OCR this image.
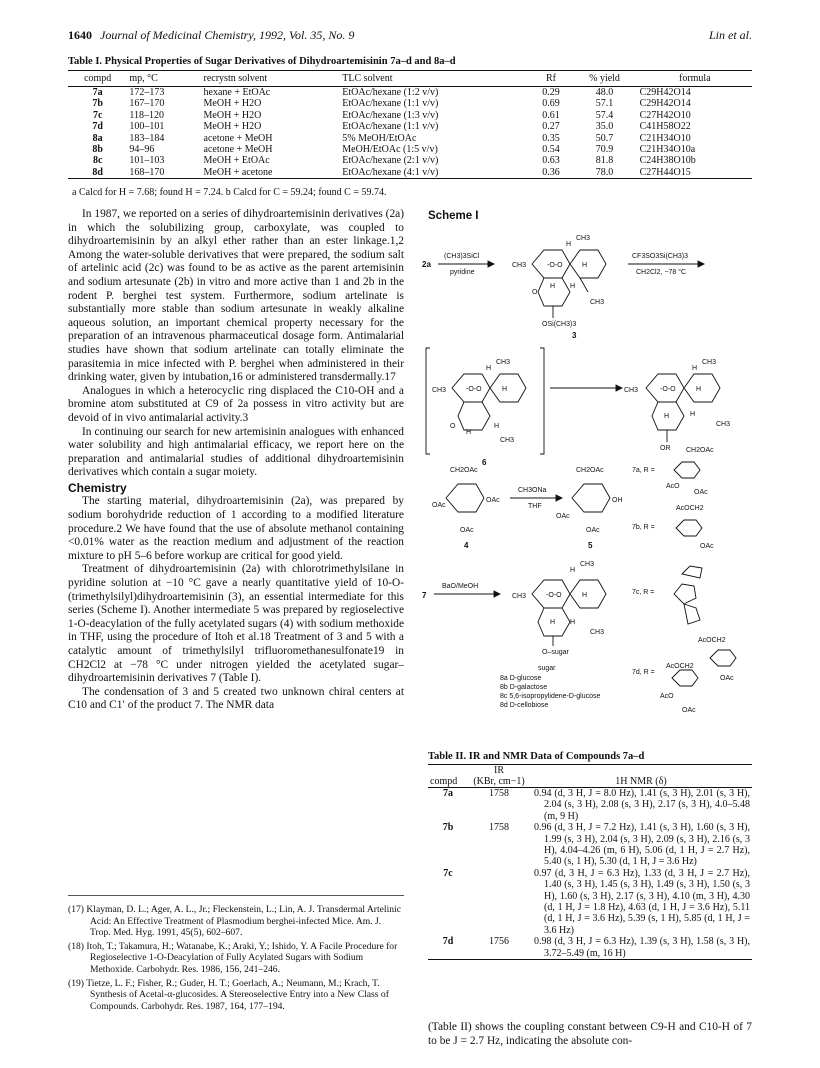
1640 Journal of Medicinal Chemistry, 1992, Vol. 35, No. 9	Lin et al.
Table I. Physical Properties of Sugar Derivatives of Dihydroartemisinin 7a–d and 8a–d
compd	mp, °C	recrystn solvent	TLC solvent	Rf	% yield	formula
7a	172–173	hexane + EtOAc	EtOAc/hexane (1:2 v/v)	0.29	48.0	C29H42O14
7b	167–170	MeOH + H2O	EtOAc/hexane (1:1 v/v)	0.69	57.1	C29H42O14
7c	118–120	MeOH + H2O	EtOAc/hexane (1:3 v/v)	0.61	57.4	C27H42O10
7d	100–101	MeOH + H2O	EtOAc/hexane (1:1 v/v)	0.27	35.0	C41H58O22
8a	183–184	acetone + MeOH	5% MeOH/EtOAc	0.35	50.7	C21H34O10
8b	94–96	acetone + MeOH	MeOH/EtOAc (1:5 v/v)	0.54	70.9	C21H34O10a
8c	101–103	MeOH + EtOAc	EtOAc/hexane (2:1 v/v)	0.63	81.8	C24H38O10b
8d	168–170	MeOH + acetone	EtOAc/hexane (4:1 v/v)	0.36	78.0	C27H44O15
a Calcd for H = 7.68; found H = 7.24. b Calcd for C = 59.24; found C = 59.74.

In 1987, we reported on a series of dihydroartemisinin derivatives (2a) in which the solubilizing group, carboxylate, was coupled to dihydroartemisinin by an alkyl ether rather than an ester linkage.1,2 Among the water-soluble derivatives that were prepared, the sodium salt of artelinic acid (2c) was found to be as active as the parent artemisinin and sodium artesunate (2b) in vitro and more active than 1 and 2b in the rodent P. berghei test system. Furthermore, sodium artelinate is substantially more stable than sodium artesunate in weakly alkaline aqueous solution, an important chemical property necessary for the preparation of an intravenous pharmaceutical dosage form. Antimalarial studies have shown that sodium artelinate can totally eliminate the parasitemia in mice infected with P. berghei when administered in their drinking water, given by intubation,16 or administered transdermally.17

Analogues in which a heterocyclic ring displaced the C10-OH and a bromine atom substituted at C9 of 2a possess in vitro activity but are devoid of in vivo antimalarial activity.3

In continuing our search for new artemisinin analogues with enhanced water solubility and high antimalarial efficacy, we report here on the preparation and antimalarial studies of additional dihydroartemisinin derivatives which contain a sugar moiety.

Chemistry

The starting material, dihydroartemisinin (2a), was prepared by sodium borohydride reduction of 1 according to a modified literature procedure.2 We have found that the use of absolute methanol containing <0.01% water as the reaction medium and adjustment of the reaction mixture to pH 5–6 before workup are critical for good yield.

Treatment of dihydroartemisinin (2a) with chlorotrimethylsilane in pyridine solution at −10 °C gave a nearly quantitative yield of 10-O-(trimethylsilyl)dihydroartemisinin (3), an essential intermediate for this series (Scheme I). Another intermediate 5 was prepared by regioselective 1-O-deacylation of the fully acetylated sugars (4) with sodium methoxide in THF, using the procedure of Itoh et al.18 Treatment of 3 and 5 with a catalytic amount of trimethylsilyl trifluoromethanesulfonate19 in CH2Cl2 at −78 °C under nitrogen yielded the acetylated sugar–dihydroartemisinin derivatives 7 (Table I).

The condensation of 3 and 5 created two unknown chiral centers at C10 and C1′ of the product 7. The NMR data

(17) Klayman, D. L.; Ager, A. L., Jr.; Fleckenstein, L.; Lin, A. J. Transdermal Artelinic Acid: An Effective Treatment of Plasmodium berghei-infected Mice. Am. J. Trop. Med. Hyg. 1991, 45(5), 602–607.
(18) Itoh, T.; Takamura, H.; Watanabe, K.; Araki, Y.; Ishido, Y. A Facile Procedure for Regioselective 1-O-Deacylation of Fully Acylated Sugars with Sodium Methoxide. Carbohydr. Res. 1986, 156, 241–246.
(19) Tietze, L. F.; Fisher, R.; Guder, H. T.; Goerlach, A.; Neumann, M.; Krach, T. Synthesis of Acetal-α-glucosides. A Stereoselective Entry into a New Class of Compounds. Carbohydr. Res. 1987, 164, 177–194.
Scheme I
2a
(CH3)3SiCl
pyridine
-O-O	H
CH3
CH3
H
O
H H
CH3
OSi(CH3)3
3
CF3SO3Si(CH3)3
CH2Cl2, −78 °C
CH3	-O-O	H
CH3
H
H
H
CH3
O
6
CH3	-O-O	H
CH3
H
H	H
CH3
OR
CH2OAc
OAc
OAc
OAc
4
CH3ONa
THF
CH2OAc
OAc
OH
OAc
5
7a, R =
CH2OAc
AcO
OAc
7b, R =
AcOCH2
OAc
7
BaO/MeOH
CH3	-O-O	H
CH3
H
H H
CH3
O–sugar
sugar
8a D-glucose
8b D-galactose
8c 5,6-isopropylidene-D-glucose
8d D-cellobiose
7c, R =
7d, R =
AcOCH2
AcOCH2
OAc
AcO
OAc
Table II. IR and NMR Data of Compounds 7a–d
	IR	
compd	(KBr, cm−1)	1H NMR (δ)
7a	1758	0.94 (d, 3 H, J = 8.0 Hz), 1.41 (s, 3 H), 2.01 (s, 3 H), 2.04 (s, 3 H), 2.08 (s, 3 H), 2.17 (s, 3 H), 4.0–5.48 (m, 9 H)
7b	1758	0.96 (d, 3 H, J = 7.2 Hz), 1.41 (s, 3 H), 1.60 (s, 3 H), 1.99 (s, 3 H), 2.04 (s, 3 H), 2.09 (s, 3 H), 2.16 (s, 3 H), 4.04–4.26 (m, 6 H), 5.06 (d, 1 H, J = 2.7 Hz), 5.40 (s, 1 H), 5.30 (d, 1 H, J = 3.6 Hz)
7c		0.97 (d, 3 H, J = 6.3 Hz), 1.33 (d, 3 H, J = 2.7 Hz), 1.40 (s, 3 H), 1.45 (s, 3 H), 1.49 (s, 3 H), 1.50 (s, 3 H), 1.60 (s, 3 H), 2.17 (s, 3 H), 4.10 (m, 3 H), 4.30 (d, 1 H, J = 1.8 Hz), 4.63 (d, 1 H, J = 3.6 Hz), 5.11 (d, 1 H, J = 3.6 Hz), 5.39 (s, 1 H), 5.85 (d, 1 H, J = 3.6 Hz)
7d	1756	0.98 (d, 3 H, J = 6.3 Hz), 1.39 (s, 3 H), 1.58 (s, 3 H), 3.72–5.49 (m, 16 H)
(Table II) shows the coupling constant between C9-H and C10-H of 7 to be J = 2.7 Hz, indicating the absolute con-
